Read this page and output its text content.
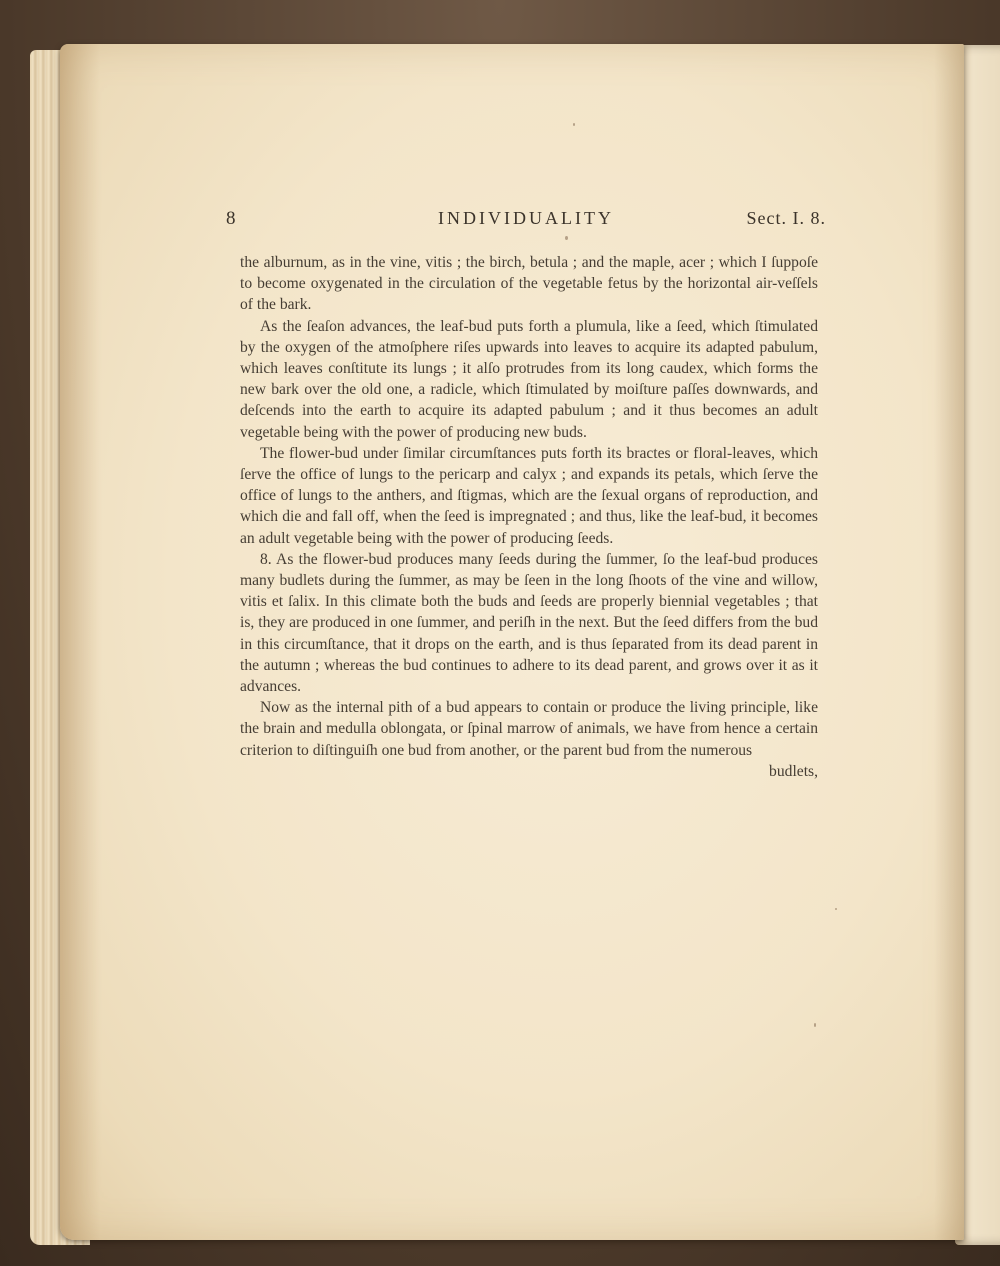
8	INDIVIDUALITY	Sect. I. 8.

the alburnum, as in the vine, vitis ; the birch, betula ; and the maple, acer ; which I ſuppoſe to become oxygenated in the circulation of the vegetable fetus by the horizontal air-veſſels of the bark.

As the ſeaſon advances, the leaf-bud puts forth a plumula, like a ſeed, which ſtimulated by the oxygen of the atmoſphere riſes upwards into leaves to acquire its adapted pabulum, which leaves conſtitute its lungs ; it alſo protrudes from its long caudex, which forms the new bark over the old one, a radicle, which ſtimulated by moiſture paſſes downwards, and deſcends into the earth to acquire its adapted pabulum ; and it thus becomes an adult vegetable being with the power of producing new buds.

The flower-bud under ſimilar circumſtances puts forth its bractes or floral-leaves, which ſerve the office of lungs to the pericarp and calyx ; and expands its petals, which ſerve the office of lungs to the anthers, and ſtigmas, which are the ſexual organs of reproduction, and which die and fall off, when the ſeed is impregnated ; and thus, like the leaf-bud, it becomes an adult vegetable being with the power of producing ſeeds.

8. As the flower-bud produces many ſeeds during the ſummer, ſo the leaf-bud produces many budlets during the ſummer, as may be ſeen in the long ſhoots of the vine and willow, vitis et ſalix. In this climate both the buds and ſeeds are properly biennial vegetables ; that is, they are produced in one ſummer, and periſh in the next. But the ſeed differs from the bud in this circumſtance, that it drops on the earth, and is thus ſeparated from its dead parent in the autumn ; whereas the bud continues to adhere to its dead parent, and grows over it as it advances.

Now as the internal pith of a bud appears to contain or produce the living principle, like the brain and medulla oblongata, or ſpinal marrow of animals, we have from hence a certain criterion to diſtinguiſh one bud from another, or the parent bud from the numerous

budlets,
